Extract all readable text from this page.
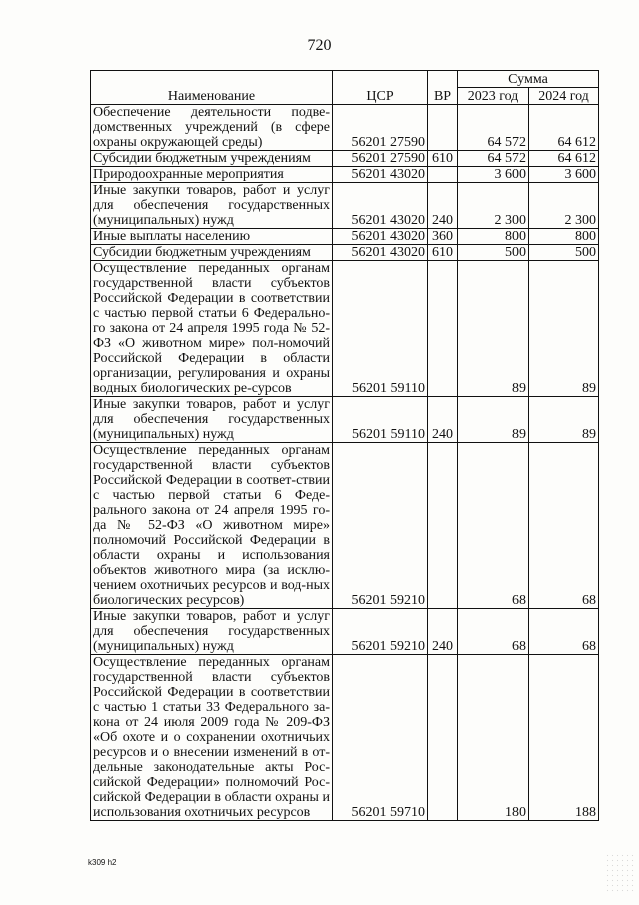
720
Наименование	ЦСР	ВР	Сумма	
			2023 год	2024 год
Обеспечение деятельности подве-домственных учреждений (в сфере охраны окружающей среды)	56201 27590		64 572	64 612
Субсидии бюджетным учреждениям	56201 27590	610	64 572	64 612
Природоохранные мероприятия	56201 43020		3 600	3 600
Иные закупки товаров, работ и услуг для обеспечения государственных (муниципальных) нужд	56201 43020	240	2 300	2 300
Иные выплаты населению	56201 43020	360	800	800
Субсидии бюджетным учреждениям	56201 43020	610	500	500
Осуществление переданных органам государственной власти субъектов Российской Федерации в соответствии с частью первой статьи 6 Федерально-го закона от 24 апреля 1995 года № 52-ФЗ «О животном мире» пол-номочий Российской Федерации в области организации, регулирования и охраны водных биологических ре-сурсов	56201 59110		89	89
Иные закупки товаров, работ и услуг для обеспечения государственных (муниципальных) нужд	56201 59110	240	89	89
Осуществление переданных органам государственной власти субъектов Российской Федерации в соответ-ствии с частью первой статьи 6 Феде-рального закона от 24 апреля 1995 го-да № 52-ФЗ «О животном мире» полномочий Российской Федерации в области охраны и использования объектов животного мира (за исклю-чением охотничьих ресурсов и вод-ных биологических ресурсов)	56201 59210		68	68
Иные закупки товаров, работ и услуг для обеспечения государственных (муниципальных) нужд	56201 59210	240	68	68
Осуществление переданных органам государственной власти субъектов Российской Федерации в соответствии с частью 1 статьи 33 Федерального за-кона от 24 июля 2009 года № 209-ФЗ «Об охоте и о сохранении охотничьих ресурсов и о внесении изменений в от-дельные законодательные акты Рос-сийской Федерации» полномочий Рос-сийской Федерации в области охраны и использования охотничьих ресурсов	56201 59710		180	188
k309 h2
